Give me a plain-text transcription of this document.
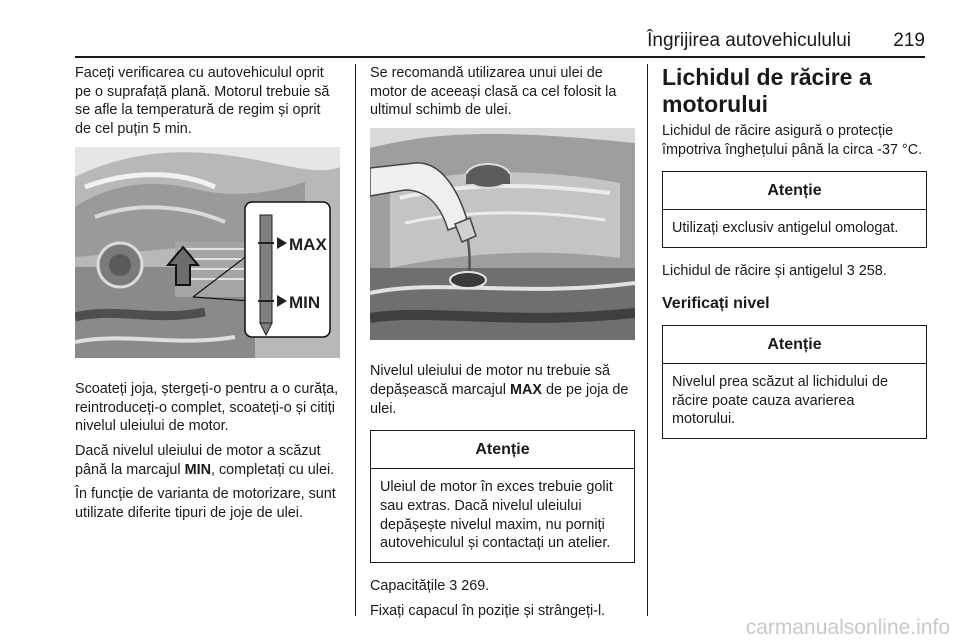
Îngrijirea autovehiculului 219

Faceți verificarea cu autovehiculul oprit pe o suprafață plană. Motorul trebuie să se afle la temperatură de regim și oprit de cel puțin 5 min.

MAX
MIN

Scoateți joja, ștergeți-o pentru a o curăța, reintroduceți-o complet, scoateți-o și citiți nivelul uleiului de motor.

Dacă nivelul uleiului de motor a scăzut până la marcajul MIN, completați cu ulei.

În funcție de varianta de motorizare, sunt utilizate diferite tipuri de joje de ulei.

Se recomandă utilizarea unui ulei de motor de aceeași clasă ca cel folosit la ultimul schimb de ulei.

Nivelul uleiului de motor nu trebuie să depășească marcajul MAX de pe joja de ulei.

Atenție
Uleiul de motor în exces trebuie golit sau extras. Dacă nivelul uleiului depășește nivelul maxim, nu porniți autovehiculul și contactați un atelier.

Capacitățile 3 269.

Fixați capacul în poziție și strângeți-l.

Lichidul de răcire a motorului

Lichidul de răcire asigură o protecție împotriva înghețului până la circa -37 °C.

Atenție
Utilizați exclusiv antigelul omologat.

Lichidul de răcire și antigelul 3 258.

Verificați nivel
Atenție
Nivelul prea scăzut al lichidului de răcire poate cauza avarierea motorului.
carmanualsonline.info
